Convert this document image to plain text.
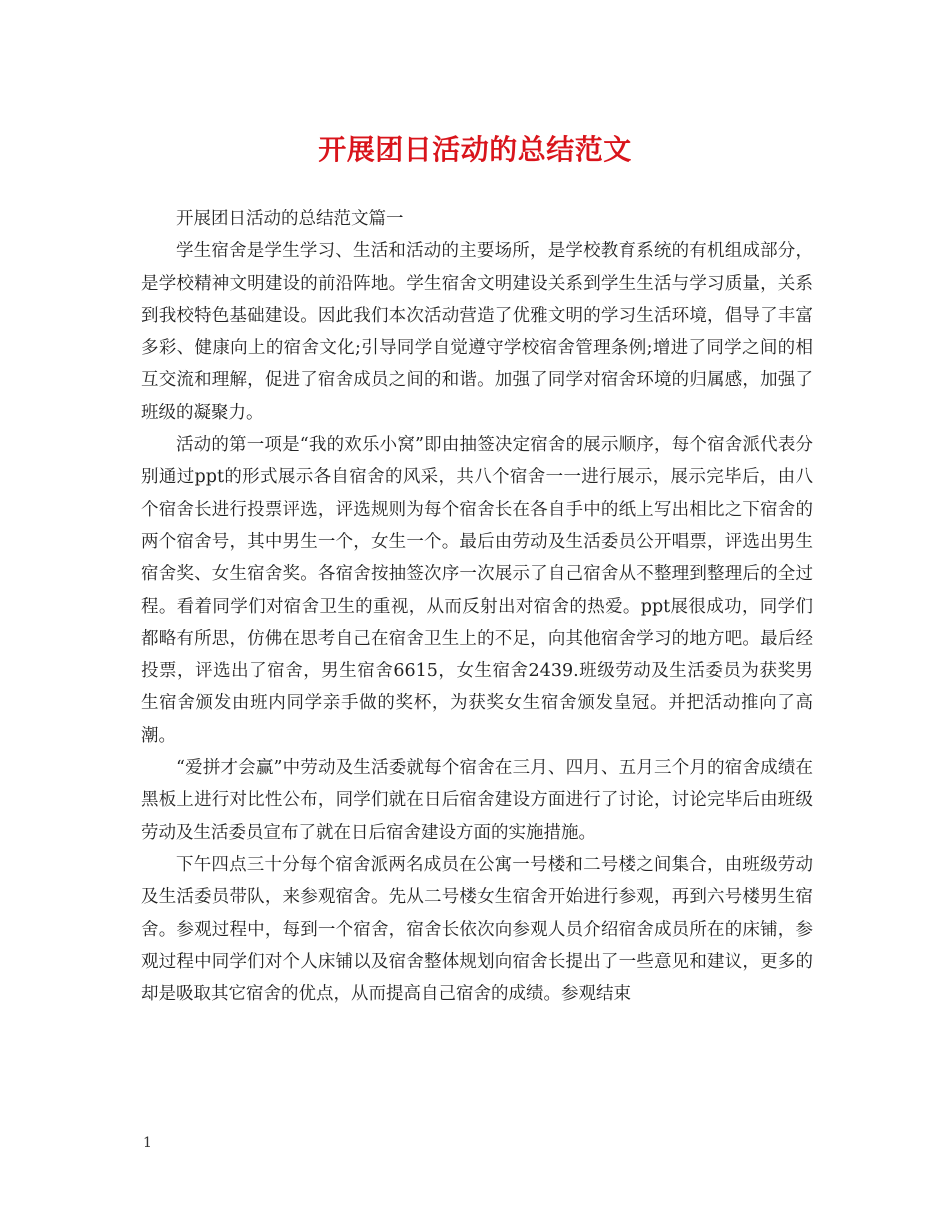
开展团日活动的总结范文

开展团日活动的总结范文篇一

学生宿舍是学生学习、生活和活动的主要场所，是学校教育系统的有机组成部分，是学校精神文明建设的前沿阵地。学生宿舍文明建设关系到学生生活与学习质量，关系到我校特色基础建设。因此我们本次活动营造了优雅文明的学习生活环境，倡导了丰富多彩、健康向上的宿舍文化;引导同学自觉遵守学校宿舍管理条例;增进了同学之间的相互交流和理解，促进了宿舍成员之间的和谐。加强了同学对宿舍环境的归属感，加强了班级的凝聚力。

活动的第一项是“我的欢乐小窝”即由抽签决定宿舍的展示顺序，每个宿舍派代表分别通过ppt的形式展示各自宿舍的风采，共八个宿舍一一进行展示，展示完毕后，由八个宿舍长进行投票评选，评选规则为每个宿舍长在各自手中的纸上写出相比之下宿舍的两个宿舍号，其中男生一个，女生一个。最后由劳动及生活委员公开唱票，评选出男生宿舍奖、女生宿舍奖。各宿舍按抽签次序一次展示了自己宿舍从不整理到整理后的全过程。看着同学们对宿舍卫生的重视，从而反射出对宿舍的热爱。ppt展很成功，同学们都略有所思，仿佛在思考自己在宿舍卫生上的不足，向其他宿舍学习的地方吧。最后经投票，评选出了宿舍，男生宿舍6615，女生宿舍2439.班级劳动及生活委员为获奖男生宿舍颁发由班内同学亲手做的奖杯，为获奖女生宿舍颁发皇冠。并把活动推向了高潮。

“爱拼才会赢”中劳动及生活委就每个宿舍在三月、四月、五月三个月的宿舍成绩在黑板上进行对比性公布，同学们就在日后宿舍建设方面进行了讨论，讨论完毕后由班级劳动及生活委员宣布了就在日后宿舍建设方面的实施措施。

下午四点三十分每个宿舍派两名成员在公寓一号楼和二号楼之间集合，由班级劳动及生活委员带队，来参观宿舍。先从二号楼女生宿舍开始进行参观，再到六号楼男生宿舍。参观过程中，每到一个宿舍，宿舍长依次向参观人员介绍宿舍成员所在的床铺，参观过程中同学们对个人床铺以及宿舍整体规划向宿舍长提出了一些意见和建议，更多的却是吸取其它宿舍的优点，从而提高自己宿舍的成绩。参观结束

1
